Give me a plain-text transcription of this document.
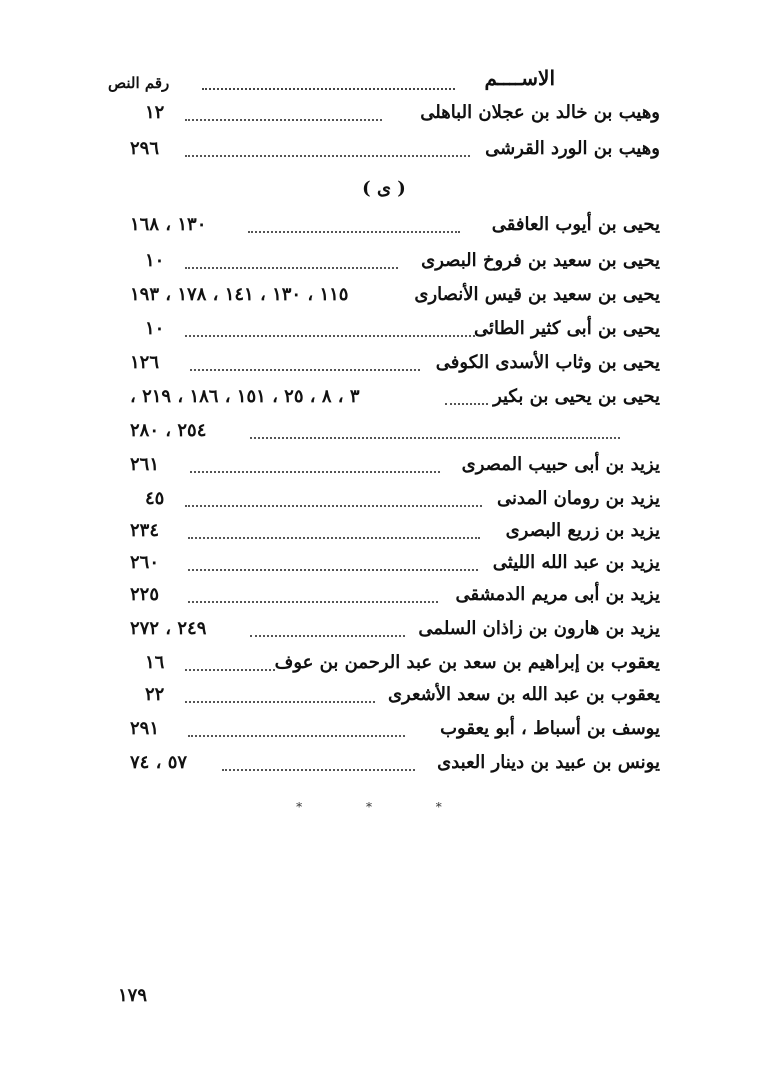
الاســــم
رقم النص
وهيب بن خالد بن عجلان الباهلى
١٢
وهيب بن الورد القرشى
٢٩٦
( ى )
يحيى بن أيوب العافقى
١٣٠ ، ١٦٨
يحيى بن سعيد بن فروخ البصرى
١٠
يحيى بن سعيد بن قيس الأنصارى
١١٥ ، ١٣٠ ، ١٤١ ، ١٧٨ ، ١٩٣
يحيى بن أبى كثير الطائى
١٠
يحيى بن وثاب الأسدى الكوفى
١٢٦
يحيى بن يحيى بن بكير
٣ ، ٨ ، ٢٥ ، ١٥١ ، ١٨٦ ، ٢١٩ ،
٢٥٤ ، ٢٨٠
يزيد بن أبى حبيب المصرى
٢٦١
يزيد بن رومان المدنى
٤٥
يزيد بن زريع البصرى
٢٣٤
يزيد بن عبد الله الليثى
٢٦٠
يزيد بن أبى مريم الدمشقى
٢٢٥
يزيد بن هارون بن زاذان السلمى
٢٤٩ ، ٢٧٢
يعقوب بن إبراهيم بن سعد بن عبد الرحمن بن عوف
١٦
يعقوب بن عبد الله بن سعد الأشعرى
٢٢
يوسف بن أسباط ، أبو يعقوب
٢٩١
يونس بن عبيد بن دينار العبدى
٥٧ ، ٧٤
* * *
١٧٩
